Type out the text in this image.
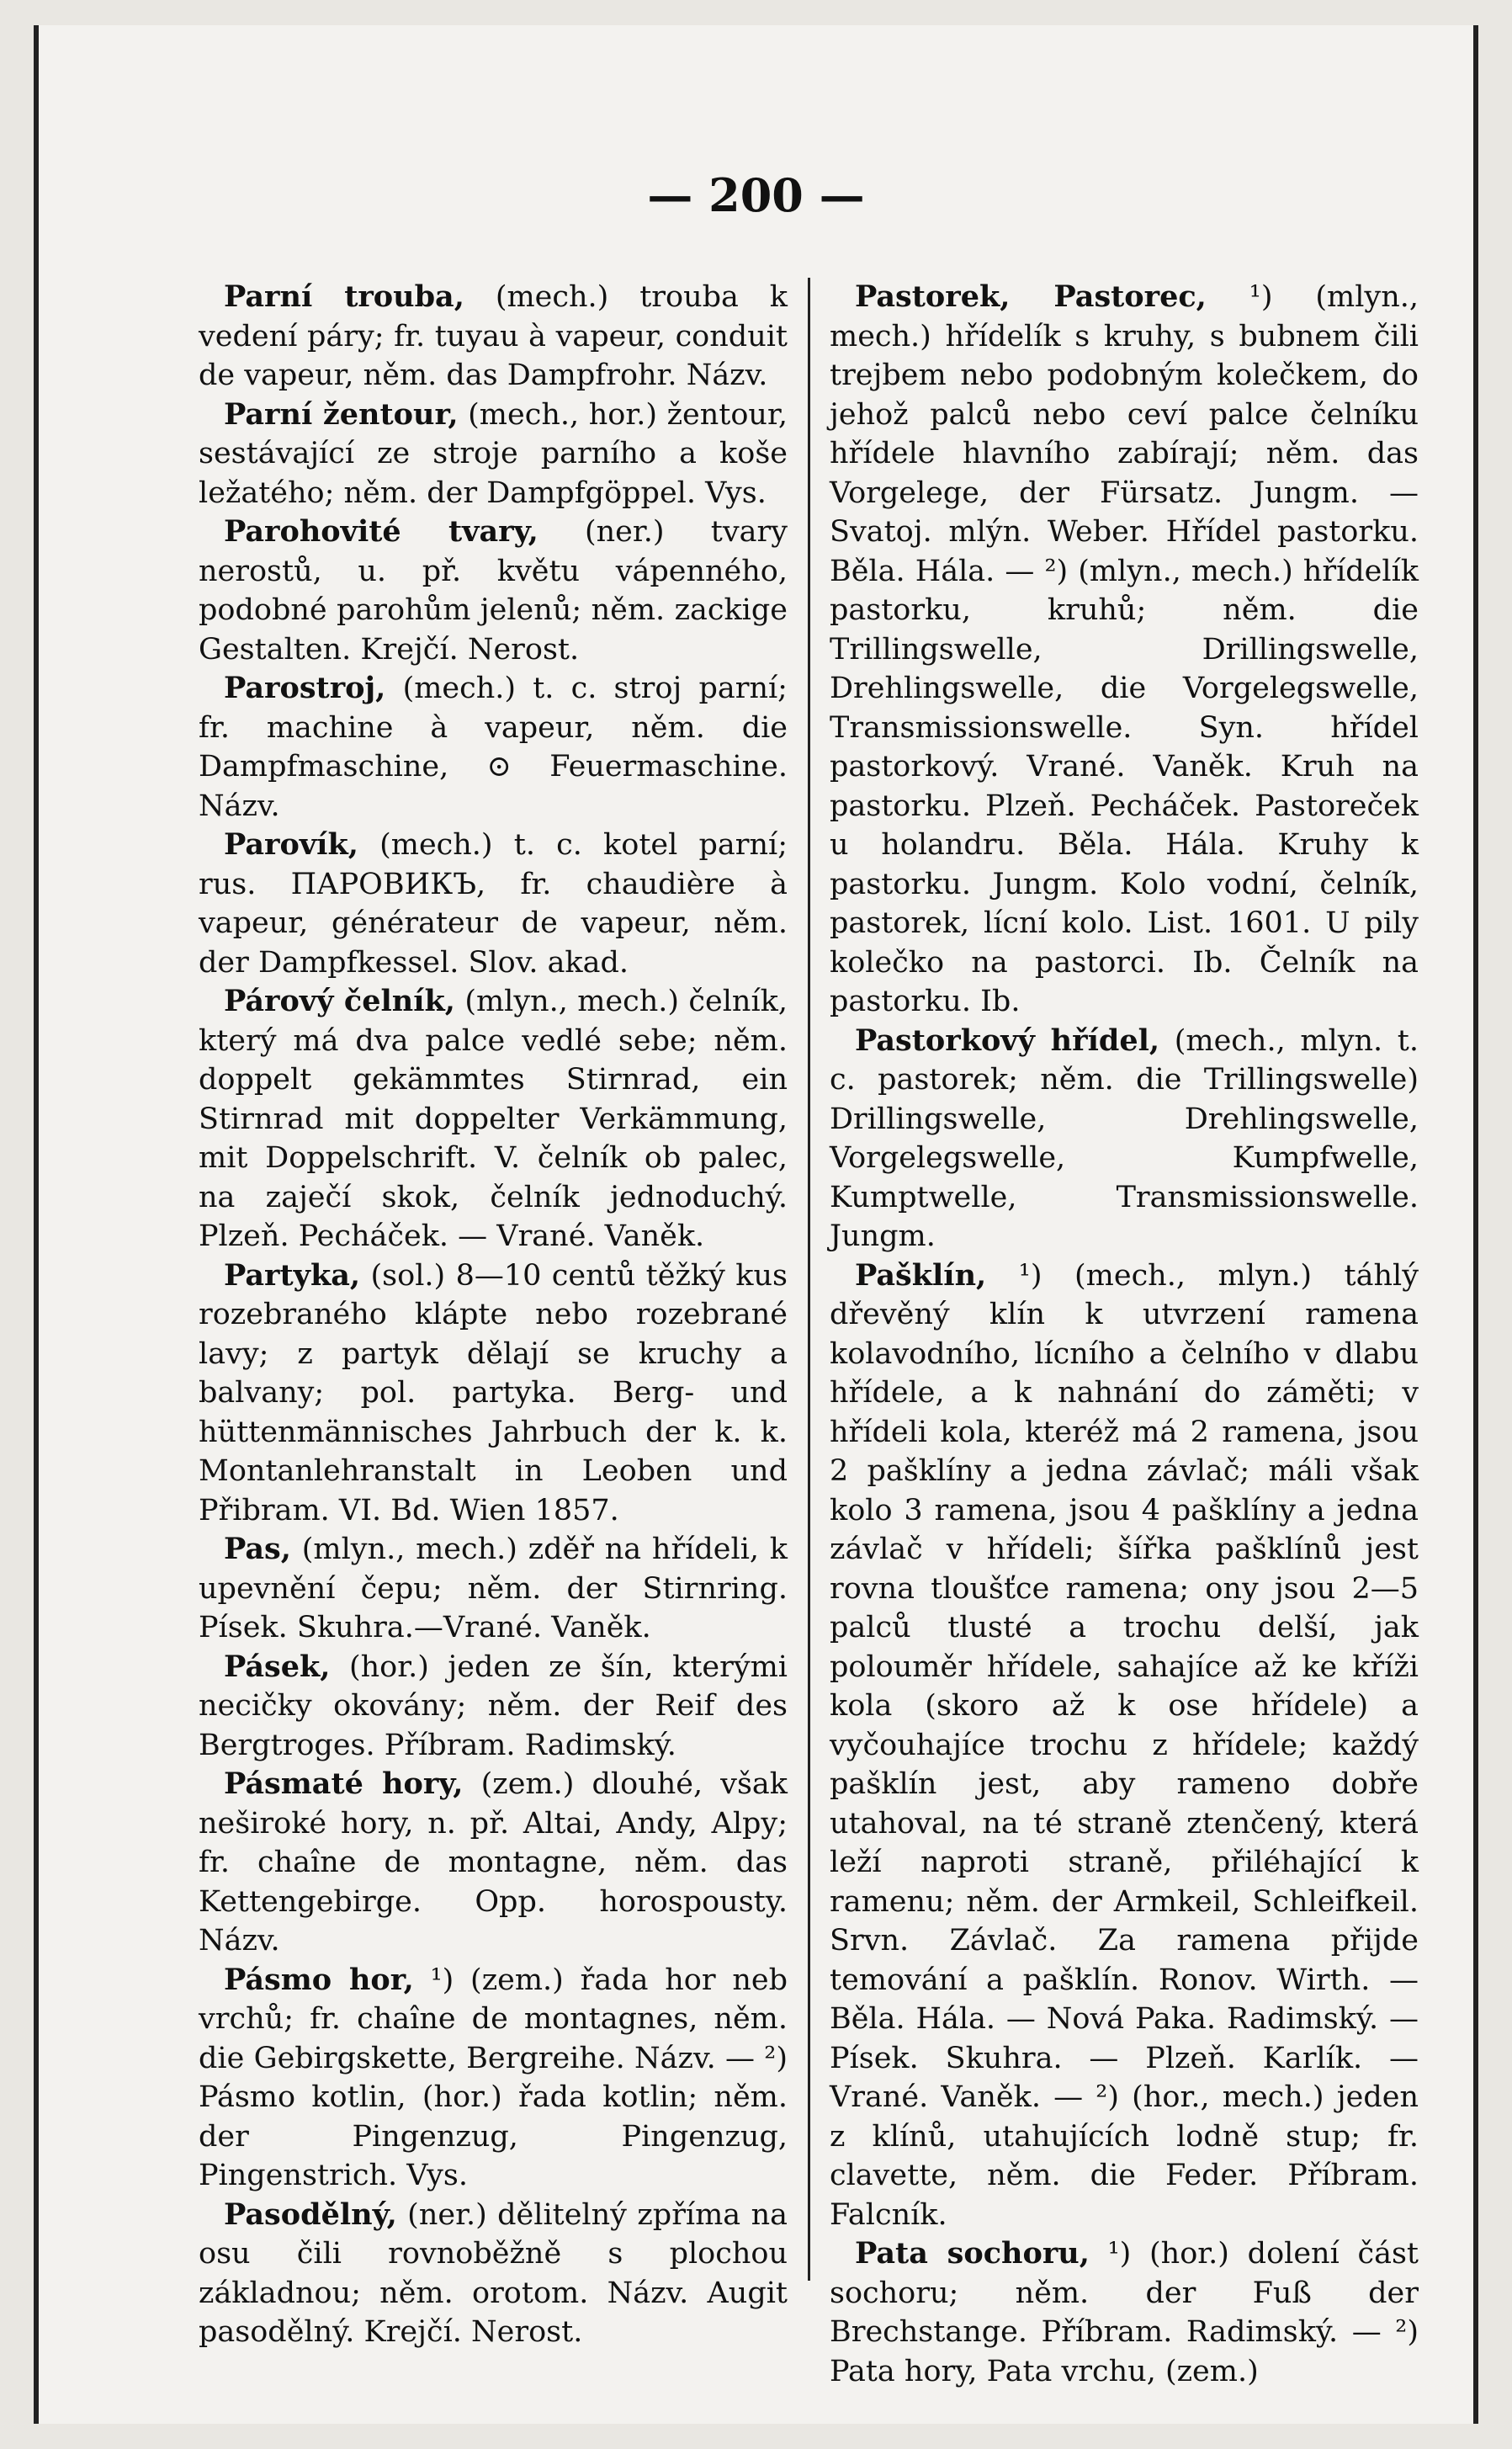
— 200 —

Parní trouba, (mech.) trouba k vedení páry; fr. tuyau à vapeur, conduit de vapeur, něm. das Dampfrohr. Názv.

Parní žentour, (mech., hor.) žentour, sestávající ze stroje parního a koše ležatého; něm. der Dampfgöppel. Vys.

Parohovité tvary, (ner.) tvary nerostů, u. př. květu vápenného, podobné parohům jelenů; něm. zackige Gestalten. Krejčí. Nerost.

Parostroj, (mech.) t. c. stroj parní; fr. machine à vapeur, něm. die Dampfmaschine, ⊙ Feuermaschine. Názv.

Parovík, (mech.) t. c. kotel parní; rus. ПАРОВИКЪ, fr. chaudière à vapeur, générateur de vapeur, něm. der Dampfkessel. Slov. akad.

Párový čelník, (mlyn., mech.) čelník, který má dva palce vedlé sebe; něm. doppelt gekämmtes Stirnrad, ein Stirnrad mit doppelter Verkämmung, mit Doppelschrift. V. čelník ob palec, na zaječí skok, čelník jednoduchý. Plzeň. Pecháček. — Vrané. Vaněk.

Partyka, (sol.) 8—10 centů těžký kus rozebraného klápte nebo rozebrané lavy; z partyk dělají se kruchy a balvany; pol. partyka. Berg- und hüttenmännisches Jahrbuch der k. k. Montanlehranstalt in Leoben und Přibram. VI. Bd. Wien 1857.

Pas, (mlyn., mech.) zděř na hřídeli, k upevnění čepu; něm. der Stirnring. Písek. Skuhra.—Vrané. Vaněk.

Pásek, (hor.) jeden ze šín, kterými necičky okovány; něm. der Reif des Bergtroges. Příbram. Radimský.

Pásmaté hory, (zem.) dlouhé, však neširoké hory, n. př. Altai, Andy, Alpy; fr. chaîne de montagne, něm. das Kettengebirge. Opp. horospousty. Názv.

Pásmo hor, ¹) (zem.) řada hor neb vrchů; fr. chaîne de montagnes, něm. die Gebirgskette, Bergreihe. Názv. — ²) Pásmo kotlin, (hor.) řada kotlin; něm. der Pingenzug, Pingenzug, Pingenstrich. Vys.

Pasodělný, (ner.) dělitelný zpříma na osu čili rovnoběžně s plochou základnou; něm. orotom. Názv. Augit pasodělný. Krejčí. Nerost.

Pastorek, Pastorec, ¹) (mlyn., mech.) hřídelík s kruhy, s bubnem čili trejbem nebo podobným kolečkem, do jehož palců nebo ceví palce čelníku hřídele hlavního zabírají; něm. das Vorgelege, der Fürsatz. Jungm. — Svatoj. mlýn. Weber. Hřídel pastorku. Běla. Hála. — ²) (mlyn., mech.) hřídelík pastorku, kruhů; něm. die Trillingswelle, Drillingswelle, Drehlingswelle, die Vorgelegswelle, Transmissionswelle. Syn. hřídel pastorkový. Vrané. Vaněk. Kruh na pastorku. Plzeň. Pecháček. Pastoreček u holandru. Běla. Hála. Kruhy k pastorku. Jungm. Kolo vodní, čelník, pastorek, lícní kolo. List. 1601. U pily kolečko na pastorci. Ib. Čelník na pastorku. Ib.

Pastorkový hřídel, (mech., mlyn. t. c. pastorek; něm. die Trillingswelle) Drillingswelle, Drehlingswelle, Vorgelegswelle, Kumpfwelle, Kumptwelle, Transmissionswelle. Jungm.

Pašklín, ¹) (mech., mlyn.) táhlý dřevěný klín k utvrzení ramena kolavodního, lícního a čelního v dlabu hřídele, a k nahnání do záměti; v hřídeli kola, kteréž má 2 ramena, jsou 2 pašklíny a jedna závlač; máli však kolo 3 ramena, jsou 4 pašklíny a jedna závlač v hřídeli; šířka pašklínů jest rovna tloušťce ramena; ony jsou 2—5 palců tlusté a trochu delší, jak polouměr hřídele, sahajíce až ke kříži kola (skoro až k ose hřídele) a vyčouhajíce trochu z hřídele; každý pašklín jest, aby rameno dobře utahoval, na té straně ztenčený, která leží naproti straně, přiléhající k ramenu; něm. der Armkeil, Schleifkeil. Srvn. Závlač. Za ramena přijde temování a pašklín. Ronov. Wirth. — Běla. Hála. — Nová Paka. Radimský. — Písek. Skuhra. — Plzeň. Karlík. — Vrané. Vaněk. — ²) (hor., mech.) jeden z klínů, utahujících lodně stup; fr. clavette, něm. die Feder. Příbram. Falcník.

Pata sochoru, ¹) (hor.) dolení část sochoru; něm. der Fuß der Brechstange. Příbram. Radimský. — ²) Pata hory, Pata vrchu, (zem.)
